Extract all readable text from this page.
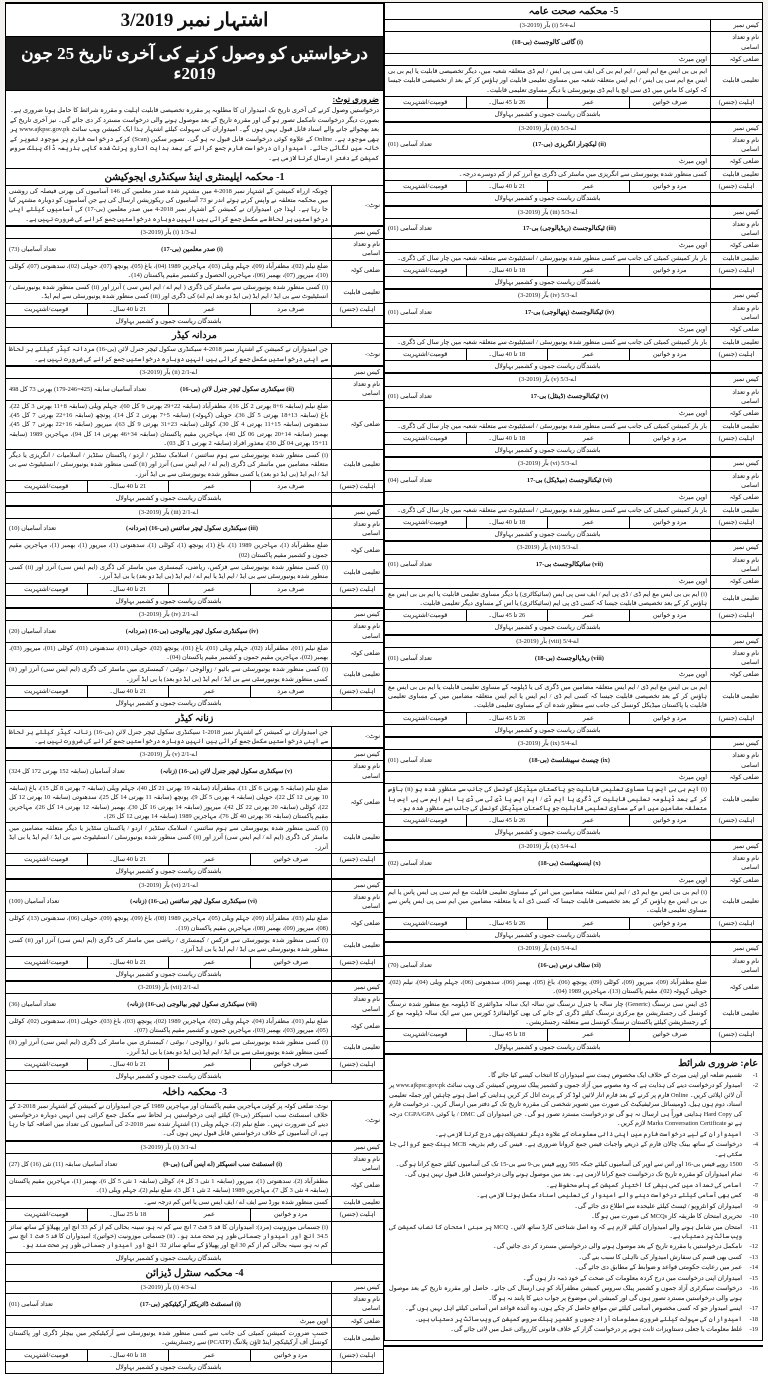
اشتہار نمبر 3/2019
درخواستیں کو وصول کرنے کی آخری تاریخ 25 جون 2019ء
ضروری نوٹ:
درخواستیں وصول کرنے کی آخری تاریخ تک امیدوار ان کا مطلوبہ پر مقررہ تخصیصی قابلیت اہلیت و مقررہ شرائط کا حامل ہونا ضروری ہے۔ بصورت دیگر درخواست نامکمل تصور ہو گی اور مقررہ تاریخ کے بعد موصول ہونے والی درخواست مسترد کر دی جائے گی۔ نیز آخری تاریخ کے بعد بھجوائے جانے والے اسناد قابل قبول نہیں ہوں گے۔ امیدواران کی سہولت کیلئے اشتہار ہذا ایک کمیشن ویب سائٹ www.ajkpsc.gov.pk پر بھی موجود ہے۔ Online کے علاوہ کوئی درخواست قابل قبول نہ ہو گی۔ تصویر سکین (Scan) کرکے درخواست فارم پر موجود تصویر کے خانہ میں لگائی جائے۔ امیدواران درخواست فارم جمع کرانے کے بعد ہدایت اتارو پرنٹ شدہ کاپی بذریعہ ڈاک پبلک سروس کمیشن کے دفتر ارسال کرنا لازمی ہے۔
1- محکمہ ایلیمنٹری اینڈ سیکنڈری ایجوکیشن
نوٹ:-	چونکہ ازراہ کمیشن کے اشتہار نمبر 2018-4 میں مشتہر شدہ صدر معلمین کی 146 آسامیوں کی بھرتی فیصلہ کی روشنی میں محکمہ متعلقہ نے واپس کرتے ہوئے اندر نو 73 آسامیوں کی ریکوزیشن ارسال کی ہے جن آسامیوں کو دوبارہ مشتہر کیا جا رہا ہے۔ لہذا جن امیدواران نے کمیشن کے اشتہار نمبر 2018-4 میں صدر معلمین (بی-17) کی آسامیوں کیلئے اپنی درخواستیں ہر لحاظ سے مکمل جمع کرائی ہیں انہیں دوبارہ درخواستیں جمع کرانے کی ضرورت نہیں ہے۔
کیس نمبر	اے-1/3 (i) بآر (2019-3)			
نام و تعداد اسامی	تعداد آسامیاں (73) (i) صدر معلمین (بی-17)			
ضلعی کوٹہ	ضلع نیلم (02)، مظفرآباد (09)، جہلم ویلی (03)، مہاجرین 1989 (04)، باغ (05)، پونچھ (07)، حویلی (02)، سدھنوتی (07)، کوٹلی (10)، میرپور (07)، بھمبر (06)، مہاجرین الحصول و کشمیر مقیم پاکستان (14)۔			
تعلیمی قابلیت	(i) کسی منظور شدہ یونیورسٹی سے ماسٹر کی ڈگری ( ایم اے / ایم ایس سی ) آنرز اور (ii) کسی منظور شدہ یونیورسٹی / انسٹیٹیوٹ سے بی ایڈ / ایم ایڈ (بی ایڈ دو بعد ایم اے) کی ڈگری اور (iii) کسی منظور شدہ یونیورسٹی سے ایم ایڈ۔			
اہلیت (جنس)	صرف مرد	عمر	21 تا 40 سال۔	قومیت/اشتہریت
	باشندگان ریاست جموں و کشمیر بہاولال			
مردانہ کیڈر
نوٹ:-	جن امیدواران نے کمیشن کے اشتہار نمبر 2018-4 سیکنڈری سکول ٹیچر جنرل لائن (بی-16) مردانہ کیڈر کیلئے ہر لحاظ سے اپنی درخواستیں مکمل جمع کرائی ہیں انہیں دوبارہ درخواستیں جمع کرانے کی ضرورت نہیں ہے۔
کیس نمبر	اے-2/1 (ii) بآر (2019-3)			
نام و تعداد اسامی	تعداد آسامیاں سابقہ (425=246-179) بھرتی 73 کل 498 (ii) سیکنڈری سکول ٹیچر جنرل لائن (بی-16)			
ضلعی کوٹہ	ضلع نیلم (سابقہ 6+8 بھرتی 2 کل 16)، مظفرآباد (سابقہ 22+29 بھرتی 9 کل 60)، جہلم ویلی (سابقہ 8+11 بھرتی 3 کل 22)، باغ (سابقہ 13+18 بھرتی 5 کل 36)، حویلی (کہوٹہ) (سابقہ 5+7 بھرتی 2 کل 14)، پونچھ (سابقہ 16+22 بھرتی 7 کل 45)، سدھنوتی (سابقہ 15+11 بھرتی 4 کل 30)، کوٹلی (سابقہ 23+31 بھرتی 9 کل 63)، میرپور (سابقہ 16+22 بھرتی 7 کل 45)، بھمبر (سابقہ 14+20 بھرتی 06 کل 40)، مہاجرین مقیم پاکستان (سابقہ 34+46 بھرتی 14 کل 94)، مہاجرین 1989 (سابقہ 11+15 بھرتی 04 کل 30)، معذور افراد (سابقہ 2 بھرتی 1 کل 03)۔			
تعلیمی قابلیت	(i) کسی منظور شدہ یونیورسٹی سے ہوم سائنس / اسلامک سٹڈیز / اردو / پاکستان سٹڈیز / اسلامیات / انگریزی یا دیگر متعلقہ مضامین میں ماسٹر کی ڈگری (ایم اے / ایم ایس سی) آنرز اور (ii) کسی منظور شدہ یونیورسٹی / انسٹیٹیوٹ سے بی ایڈ / ایم ایڈ (بی ایڈ دو بعد) یا کسی منظور شدہ یونیورسٹی سے بی ایڈ آنرز۔			
اہلیت (جنس)	صرف مرد	عمر	21 تا 40 سال۔	قومیت/اشتہریت
	باشندگان ریاست جموں و کشمیر بہاولال			
کیس نمبر	اے-2/1 (iii) بآر (2019-3)			
نام و تعداد اسامی	تعداد آسامیاں (10) (iii) سیکنڈری سکول ٹیچر سائنس (بی-16) (مردانہ)			
ضلعی کوٹہ	ضلع مظفرآباد (1)، مہاجرین 1989 (1)، باغ (1)، پونچھ (1)، کوٹلی (1)، سدھنوتی (1)، میرپور (1)، بھمبر (1)، مہاجرین مقیم جموں و کشمیر مقیم پاکستان (02)			
تعلیمی قابلیت	(i) کسی منظور شدہ یونیورسٹی سے فزکس، ریاضی، کیمسٹری میں ماسٹر کی ڈگری (ایم ایس سی) آنرز اور (ii) کسی منظور شدہ یونیورسٹی سے بی ایڈ / ایم ایڈ یا ایم اے / ایم ایڈ (بی ایڈ دو بعد) یا بی ایڈ آنرز۔			
اہلیت (جنس)	صرف مرد	عمر	21 تا 40 سال۔	قومیت/اشتہریت
	باشندگان ریاست جموں و کشمیر بہاولال			
کیس نمبر	اے-2/1 (iv) بآر (2019-3)			
نام و تعداد اسامی	تعداد آسامیاں (20) (iv) سیکنڈری سکول ٹیچر بیالوجی (بی-16) (مردانہ)			
ضلعی کوٹہ	ضلع نیلم (01)، مظفرآباد (02)، جہلم ویلی (01)، باغ (01)، پونچھ (02)، حویلی (01)، سدھنوتی (01)، کوٹلی (01)، میرپور (03)، بھمبر (02)، مہاجرین مقیم جموں و کشمیر مقیم پاکستان (04)۔			
تعلیمی قابلیت	(i) کسی منظور شدہ یونیورسٹی سے بائیو / زوالوجی / بوٹنی / کیمسٹری میں ماسٹر کی ڈگری (ایم ایس سی) آنرز اور (ii) کسی منظور شدہ یونیورسٹی سے بی ایڈ / ایم ایڈ (بی ایڈ دو بعد) یا بی ایڈ آنرز۔			
اہلیت (جنس)	صرف مرد	عمر	21 تا 40 سال۔	قومیت/اشتہریت
	باشندگان ریاست جموں و کشمیر بہاولال			
زنانہ کیڈر
نوٹ:-	جن امیدواران نے کمیشن کے اشتہار نمبر 2018-1 سیکنڈری سکول ٹیچر جنرل لائن (بی-16) زنانہ کیڈر کیلئے ہر لحاظ سے اپنی درخواستیں مکمل جمع کرائی ہیں انہیں دوبارہ درخواستیں جمع کرانے کی ضرورت نہیں ہے۔
کیس نمبر	اے-2/1 (v) بآر (2019-3)			
نام و تعداد اسامی	تعداد آسامیاں (سابقہ 152 بھرتی 172 کل 324) (v) سیکنڈری سکول ٹیچر جنرل لائن (بی-16) (زنانہ)			
ضلعی کوٹہ	ضلع نیلم (سابقہ 5 بھرتی 6 کل 11)، مظفرآباد (سابقہ 19 بھرتی 21 کل 40)، جہلم ویلی (سابقہ 7 بھرتی 8 کل 15)، باغ (سابقہ 10 بھرتی 12 کل 22)، حویلی (سابقہ 4 بھرتی 5 کل 9)، پونچھ (سابقہ 11 بھرتی 14 کل 25)، سدھنوتی (سابقہ 10 بھرتی 12 کل 22)، کوٹلی (سابقہ 20 بھرتی 22 کل 42)، میرپور (سابقہ 14 بھرتی 16 کل 30)، بھمبر (سابقہ 12 بھرتی 14 کل 26)، مہاجرین مقیم پاکستان (سابقہ 36 بھرتی 40 کل 76)، مہاجرین 1989 (سابقہ 14 بھرتی 12 کل 26)۔			
تعلیمی قابلیت	(i) کسی منظور شدہ یونیورسٹی سے ہوم سائنس / اسلامک سٹڈیز / اردو / پاکستان سٹڈیز یا دیگر متعلقہ مضامین میں ماسٹر کی ڈگری (ایم اے / ایم ایس سی) آنرز اور (ii) کسی منظور شدہ یونیورسٹی / انسٹیٹیوٹ سے بی ایڈ / ایم ایڈ یا بی ایڈ آنرز۔			
اہلیت (جنس)	صرف خواتین	عمر	21 تا 40 سال۔	قومیت/اشتہریت
	باشندگان ریاست جموں و کشمیر بہاولال			
کیس نمبر	اے-2/1 (vi) بآر (2019-3)			
نام و تعداد اسامی	تعداد آسامیاں (100) (vi) سیکنڈری سکول ٹیچر سائنس (بی-16) (زنانہ)			
ضلعی کوٹہ	ضلع نیلم (03)، مظفرآباد (09)، جہلم ویلی (05)، مہاجرین 1989 (08)، باغ (09)، پونچھ (09)، حویلی (06)، سدھنوتی (13)، کوٹلی (08)، میرپور (09)، بھمبر (08)، مہاجرین مقیم پاکستان (19)۔			
تعلیمی قابلیت	(i) کسی منظور شدہ یونیورسٹی سے فزکس / کیمسٹری / ریاضی میں ماسٹر کی ڈگری (ایم ایس سی) آنرز اور (ii) کسی منظور شدہ یونیورسٹی سے بی ایڈ / ایم ایڈ یا بی ایڈ آنرز۔			
اہلیت (جنس)	صرف خواتین	عمر	21 تا 40 سال۔	قومیت/اشتہریت
	باشندگان ریاست جموں و کشمیر بہاولال			
کیس نمبر	اے-2/1 (vii) بآر (2019-3)			
نام و تعداد اسامی	تعداد آسامیاں (36) (vii) سیکنڈری سکول ٹیچر بیالوجی (بی-16) (زنانہ)			
ضلعی کوٹہ	ضلع نیلم (01)، مظفرآباد (04)، جہلم ویلی (02)، مہاجرین 1989 (02)، پونچھ (03)، باغ (03)، حویلی (01)، سدھنوتی (02)، کوٹلی (05)، میرپور (03)، بھمبر (03)، مہاجرین جموں و کشمیر مقیم پاکستان (07)۔			
تعلیمی قابلیت	(i) کسی منظور شدہ یونیورسٹی سے بائیو / زوالوجی / بوٹنی / کیمسٹری میں ماسٹر کی ڈگری (ایم ایس سی) آنرز اور (ii) کسی منظور شدہ یونیورسٹی سے بی ایڈ / ایم ایڈ (بی ایڈ دو بعد) یا بی ایڈ آنرز۔			
اہلیت (جنس)	صرف خواتین	عمر	21 تا 40 سال۔	قومیت/اشتہریت
	باشندگان ریاست جموں و کشمیر بہاولال			
3- محکمہ داخلہ
نوٹ:-	نوٹ: ضلعی کوٹہ پر کوئی مہاجرین مقیم پاکستان اور مہاجرین 1989 کے جن امیدواران نے کمیشن کے اشتہار نمبر 2018-2 کے خلاف اسسٹنٹ سب انسپکٹر (بی-9) کیلئے اپنی درخواستیں ہر لحاظ سے مکمل جمع کرائی ہیں انہیں دوبارہ درخواستیں دینے کی ضرورت نہیں۔ ضلع نیلم (2)، جہلم ویلی (1) اشتہار شدہ نمبر 2018-2 کی آسامیوں کی تعداد میں اضافہ کیا جا رہا ہے، ان آسامیوں کے خلاف درخواستیں قابل قبول نہیں ہوں گی۔
کیس نمبر	اے-3/1 (i) بآر (2019-3)			
نام و تعداد اسامی	تعداد آسامیاں سابقہ (11) نئی (16) کل (27) (i) اسسٹنٹ سب انسپکٹر (اے ایس آئی) (بی-9)			
ضلعی کوٹہ	مظفرآباد (2)، سدھنوتی (1)، میرپور (سابقہ 1 نئی 3 کل 4)، کوٹلی (سابقہ 1 نئی 5 کل 6)، بھمبر (1)، مہاجرین مقیم پاکستان (سابقہ 4 نئی 3 کل 7)، مہاجرین 1989 (سابقہ 2 نئی 1 کل 3)، ضلع نیلم (2)، جہلم ویلی (1)۔			
تعلیمی قابلیت	کسی منظور شدہ بورڈ سے ایف اے / ایف ایس سی یا اس کم درجہ سے۔			
اہلیت (جنس)	مرد و خواتین	عمر	18 تا 25 سال۔	قومیت/اشتہریت
	(i) جسمانی موزونیت (مرد): امیدواران کا قد 5 فٹ 7 انچ سے کم نہ ہو، سینہ بحالی کم از کم 33 انچ اور پھیلاؤ کے ساتھ سائز 34.5 انچ اور امیدوار جسمانی طور پر صحت مند ہو۔ (ii) جسمانی موزونیت (خواتین): امیدواران کا قد 5 فٹ 1 انچ سے کم نہ ہو، سینہ بحالی کم از کم 30 انچ اور پھیلاؤ کے ساتھ سائز 32 انچ اور امیدوار جسمانی طور پر صحت مند ہو۔			
	باشندگان ریاست جموں و کشمیر بہاولال			
4- محکمہ سنٹرل ڈیزائن
کیس نمبر	اے-4/3 (i) بآر (2019-3)			
نام و تعداد اسامی	تعداد آسامی (01) (i) اسسٹنٹ ڈائریکٹر آرکیٹیکچر (بی-17)			
ضلعی کوٹہ	اوپن میرٹ			
تعلیمی قابلیت	حسبِ ضرورت کمیشن کمیٹی کی جانب سے کسی منظور شدہ یونیورسٹی سے آرکیٹیکچر میں بیچلر ڈگری اور پاکستان کونسل آف آرکیٹیکچر اینڈ ٹاؤن پلاننگ (PCATP) سے رجسٹریشن۔			
اہلیت (جنس)	مرد و خواتین	عمر	18 تا 40 سال۔	قومیت/اشتہریت
	باشندگان ریاست جموں و کشمیر بہاولال			
5- محکمہ صحت عامہ
کیس نمبر	اے-5/4 (i) بآر (2019-3)			
نام و تعداد اسامی	(i) گائنی کالوجسٹ (بی-18)			
ضلعی کوٹہ	اوپن میرٹ			
تعلیمی قابلیت	ایم بی بی ایس مع ایم ایس / ایم ایم بی کی ایف سی پی ایس / ایم ڈی متعلقہ شعبہ میں، دیگر تخصیصی قابلیت یا ایم بی بی ایس مع ایم سی پی ایس / ایم ایس متعلقہ شعبہ میں مساوی تعلیمی قابلیت اور ہاؤس کر کے بعد از تخصیصی قابلیت جیسا کہ کوئی کا ماس میں ڈی سی ایچ یا ایم ڈی یونیورسٹی یا دیگر مساوی تعلیمی قابلیت۔			
اہلیت (جنس)	صرف خواتین	عمر	26 تا 45 سال۔	قومیت/اشتہریت
	باشندگان ریاست جموں و کشمیر بہاولال			
کیس نمبر	اے-5/3 (ii) بآر (2019-3)			
نام و تعداد اسامی	تعداد آسامی (01) (ii) لیکچرار انگریزی (بی-17)			
ضلعی کوٹہ	اوپن میرٹ			
تعلیمی قابلیت	کسی منظور شدہ یونیورسٹی سے انگریزی میں ماسٹر کی ڈگری مع آنرز کم از کم دوسرے درجہ۔			
اہلیت (جنس)	مرد و خواتین	عمر	21 تا 40 سال۔	قومیت/اشتہریت
	باشندگان ریاست جموں و کشمیر بہاولال			
کیس نمبر	اے-5/3 (iii) بآر (2019-3)			
نام و تعداد اسامی	تعداد آسامی (01) (iii) ٹیکنالوجسٹ (ریڈیالوجی) بی-17			
ضلعی کوٹہ	اوپن میرٹ			
تعلیمی قابلیت	بار بار کمیشن کمیٹی کی جانب سے کسی منظور شدہ یونیورسٹی / انسٹیٹیوٹ سے متعلقہ شعبہ میں چار سال کی ڈگری۔			
اہلیت (جنس)	مرد و خواتین	عمر	18 تا 40 سال۔	قومیت/اشتہریت
	باشندگان ریاست جموں و کشمیر بہاولال			
کیس نمبر	اے-5/3 (iv) بآر (2019-3)			
نام و تعداد اسامی	تعداد آسامی (01) (iv) ٹیکنالوجسٹ (پتھالوجی) بی-17			
ضلعی کوٹہ	اوپن میرٹ			
تعلیمی قابلیت	بار بار کمیشن کمیٹی کی جانب سے کسی منظور شدہ یونیورسٹی / انسٹیٹیوٹ سے متعلقہ شعبہ میں چار سال کی ڈگری۔			
اہلیت (جنس)	مرد و خواتین	عمر	18 تا 40 سال۔	قومیت/اشتہریت
	باشندگان ریاست جموں و کشمیر بہاولال			
کیس نمبر	اے-5/3 (v) بآر (2019-3)			
نام و تعداد اسامی	تعداد آسامی (01) (v) ٹیکنالوجسٹ (ڈینٹل) بی-17			
ضلعی کوٹہ	اوپن میرٹ			
تعلیمی قابلیت	بار بار کمیشن کمیٹی کی جانب سے کسی منظور شدہ یونیورسٹی / انسٹیٹیوٹ سے متعلقہ شعبہ میں چار سال کی ڈگری۔			
اہلیت (جنس)	مرد و خواتین	عمر	18 تا 40 سال۔	قومیت/اشتہریت
	باشندگان ریاست جموں و کشمیر بہاولال			
کیس نمبر	اے-5/3 (vi) بآر (2019-3)			
نام و تعداد اسامی	تعداد آسامی (04) (vi) ٹیکنالوجسٹ (میڈیکل) بی-17			
ضلعی کوٹہ	اوپن میرٹ			
تعلیمی قابلیت	بار بار کمیشن کمیٹی کی جانب سے کسی منظور شدہ یونیورسٹی / انسٹیٹیوٹ سے متعلقہ شعبہ میں چار سال کی ڈگری۔			
اہلیت (جنس)	مرد و خواتین	عمر	18 تا 40 سال۔	قومیت/اشتہریت
	باشندگان ریاست جموں و کشمیر بہاولال			
کیس نمبر	اے-5/3 (vii) بآر (2019-3)			
نام و تعداد اسامی	تعداد آسامی (01) (vii) سائیکالوجسٹ بی-17			
ضلعی کوٹہ	اوپن میرٹ			
تعلیمی قابلیت	(i) ایم بی بی ایس مع ایم ڈی / ڈی پی ایم / ایف سی پی ایس (سائیکاٹری) یا دیگر مساوی تعلیمی قابلیت یا ایم بی بی ایس مع ہاؤس کر کے بعد تخصیصی قابلیت جیسا کہ کسی ڈی پی ایم (سائیکاٹری) یا اس کے مساوی دیگر تعلیمی قابلیت۔			
اہلیت (جنس)	مرد و خواتین	عمر	26 تا 45 سال۔	قومیت/اشتہریت
	باشندگان ریاست جموں و کشمیر بہاولال			
کیس نمبر	اے-5/4 (viii) بآر (2019-3)			
نام و تعداد اسامی	تعداد آسامی (01) (viii) ریڈیالوجسٹ (بی-18)			
ضلعی کوٹہ	اوپن میرٹ			
تعلیمی قابلیت	ایم بی بی ایس مع ایم ڈی / ایم ایس متعلقہ مضامین میں ڈگری کی یا ڈپلومہ کے مساوی تعلیمی قابلیت یا ایم بی بی ایس مع ہاؤس کر کے بعد تخصیصی قابلیت جیسا کہ کسی ایم ڈی / ایم ایس یا ایم ایس متعلقہ مضامین میں کے مساوی تعلیمی قابلیت یا پاکستان میڈیکل کونسل کی جانب سے منظور شدہ ان کے مساوی تعلیمی قابلیت۔			
اہلیت (جنس)	مرد و خواتین	عمر	26 تا 45 سال۔	قومیت/اشتہریت
	باشندگان ریاست جموں و کشمیر بہاولال			
کیس نمبر	اے-5/4 (ix) بآر (2019-3)			
نام و تعداد اسامی	تعداد آسامی (01) (ix) چیسٹ سپیشلسٹ (بی-18)			
ضلعی کوٹہ	اوپن میرٹ			
تعلیمی قابلیت	(i) ایم بی بی ایس یا مساوی تعلیمی قابلیت جو پاکستان میڈیکل کونسل کی جانب سے منظور شدہ ہو (ii) ہاؤس کر کے بعد ڈپلومہ تعلیمی قابلیت کی ڈگری یا ایم ڈی / ایم ایس یا ڈی ٹی سی ڈی یا ایم ایم سی پی ایس یا متعلقہ مضامین میں اس کے مساوی تعلیمی قابلیت جو پاکستان میڈیکل کونسل کی جانب سے منظور شدہ ہو۔			
اہلیت (جنس)	مرد و خواتین	عمر	26 تا 45 سال۔	قومیت/اشتہریت
	باشندگان ریاست جموں و کشمیر بہاولال			
کیس نمبر	اے-5/4 (x) بآر (2019-3)			
نام و تعداد اسامی	تعداد آسامی (02) (x) اینستھیٹسٹ (بی-18)			
ضلعی کوٹہ	اوپن میرٹ			
تعلیمی قابلیت	(i) ایم بی بی ایس مع ایم ڈی / ایم ایس متعلقہ مضامین میں اس کے مساوی تعلیمی قابلیت مع ایم سی پی ایس پاس یا ایم بی بی ایس مع ہاؤس کر کے بعد تخصیصی قابلیت جیسا کہ کسی ڈی اے یا متعلقہ مضامین میں ایم سی پی ایس پاس سے مساوی تعلیمی قابلیت۔			
اہلیت (جنس)	مرد و خواتین	عمر	26 تا 45 سال۔	قومیت/اشتہریت
	باشندگان ریاست جموں و کشمیر بہاولال			
کیس نمبر	اے-5/4 (xi) بآر (2019-3)			
نام و تعداد اسامی	تعداد آسامی (70) (xi) سٹاف نرس (بی-16)			
ضلعی کوٹہ	ضلع مظفرآباد (09)، میرپور (09)، کوٹلی (09)، پونچھ (06)، باغ (05)، بھمبر (06)، سدھنوتی (06)، جہلم ویلی (04)، نیلم (02)، حویلی کہوٹہ (02)، مقیم پاکستان (13)، مہاجرین 1989 (04)۔			
تعلیمی قابلیت	ڈی ایس سی نرسنگ (Generic) چار سالہ یا جنرل نرسنگ تین سالہ ایک سالہ مڈوائفری کا ڈپلومہ مع منظور شدہ نرسنگ کونسل کی رجسٹریشن مع مرکزی نرسنگ کیلئے ڈگری کے جانے کی بھی کوالیفائزڈ کورس میں سے ایک سالہ ڈپلومہ مع کر کے رجسٹریشن کیلئے پاکستان نرسنگ کونسل سے متعلقہ رجسٹریشن۔			
اہلیت (جنس)	صرف خواتین	عمر	18 تا 45 سال۔	قومیت/اشتہریت
	باشندگان ریاست جموں و کشمیر بہاولال			
عام: ضروری شرائط
تقسیم ضلعہ اور اپنی میرٹ کے خلاف ایک مخصوص ہمت سے امیدواران کا انتخاب کیسے کیا جائے گا۔
امیدوار کو درخواست دینے کی ہدایت ہے کہ وہ مصوبے میں آزاد جموں و کشمیر پبلک سروس کمیشن کی ویب سائٹ www.ajkpsc.gov.pk پر آن لائن اپلائی کریں۔ Online فارم پر کرنے کے بعد فارم اتار لائیں لوڈ کر کے پرنٹ اتال کر کریں ہدایتی کے اصل ہونے چاہئیں اور جملہ تعلیمی اسناد، دوم ہوں ہیل، ڈومیسائل سرٹیفیکیٹ کی صورت میں تصویر شخصی کی مقررہ تاریخ تک کے دفتر میں ارسال کریں۔ درخواست فارم کی Hard Copy ہدایتی فوراً ہی ارسال نہ ہو گی تو درخواست مسترد تصور ہو گی۔ جن امیدواران کی DMC / یا کوئی CGPA/GPA درجہ ہے تو Marks Conversation Certificate لازم کریں۔
امیدواران کے لیے درخواست فارم میں اپنی ذاتی معلومات کے علاوہ دیگر تفصیلات بھی درج کرنا لازمی ہے۔
درخواست کے ساتھ بینک چالان فارم کے ذریعے واجبات فیس جمع کروانا ضروری ہے۔ فیس کی رقم بذریعہ MCB بینک جمع کروائی جا سکتی ہے۔
1500 روپے فیس بی-16 اور اس سے اوپر کی آسامیوں کیلئے جبکہ 505 روپے فیس بی-9 سے بی-15 تک کی آسامیوں کیلئے جمع کرانا ہو گی۔
تمام امیدواران کو مقررہ تاریخ تک درخواست جمع کرانا لازمی ہے۔ بعد میں موصول ہونے والی درخواستیں قابل قبول نہیں ہوں گی۔
اسامی کی تعداد میں کمی بیشی کا اختیار کمیشن کے پاس محفوظ ہے۔
کسی بھی آسامی کیلئے درخواست دینے والے امیدوار کی تعلیمی اسناد مکمل ہونا لازمی ہے۔
امیدواران کو انٹرویو / ٹیسٹ کیلئے علیحدہ سے اطلاع دی جائے گی۔
تحریری امتحان کا طریقہ کار MCQs کی صورت میں ہو گا۔
امتحان میں شامل ہونے والے امیدواران کیلئے لازم ہے کہ وہ اصل شناختی کارڈ ساتھ لائیں۔ MCQ پر مبنی امتحان کا نصاب کمیشن کی ویب سائٹ پر دستیاب ہے۔
نامکمل درخواستیں یا مقررہ تاریخ کے بعد موصول ہونے والی درخواستیں مسترد کر دی جائیں گی۔
کسی بھی قسم کی سفارش امیدوار کی نااہلی کا سبب بنے گی۔
عمر میں رعایت حکومتی قواعد و ضوابط کے مطابق دی جائے گی۔
امیدواران اپنی درخواست میں درج کردہ معلومات کی صحت کے خود ذمہ دار ہوں گے۔
درخواست سیکرٹری آزاد جموں و کشمیر پبلک سروس کمیشن مظفرآباد کو ہی ارسال کی جائے۔ حاصل اور مقررہ تاریخ کے بعد موصول ہونے والی درخواستیں مسترد تصور ہوں گی اور کمیشن اس موضوع پر جواب دینے کا پابند نہ ہو گا۔
ایسے امیدوار جو کہ کسی مخصوص آسامی کیلئے تین مواقع حاصل کر چکے ہوں، وہ آئندہ قواعد اس آسامی کیلئے اہل نہیں ہوں گے۔
امیدواران کی سہولت کیلئے ضروری معلومات آزاد جموں و کشمیر پبلک سروس کمیشن کی ویب سائٹ پر دستیاب ہیں۔
غلط معلومات یا جعلی دستاویزات ثابت ہونے پر درخواست گزار کے خلاف قانونی کارروائی عمل میں لائی جائے گی۔
